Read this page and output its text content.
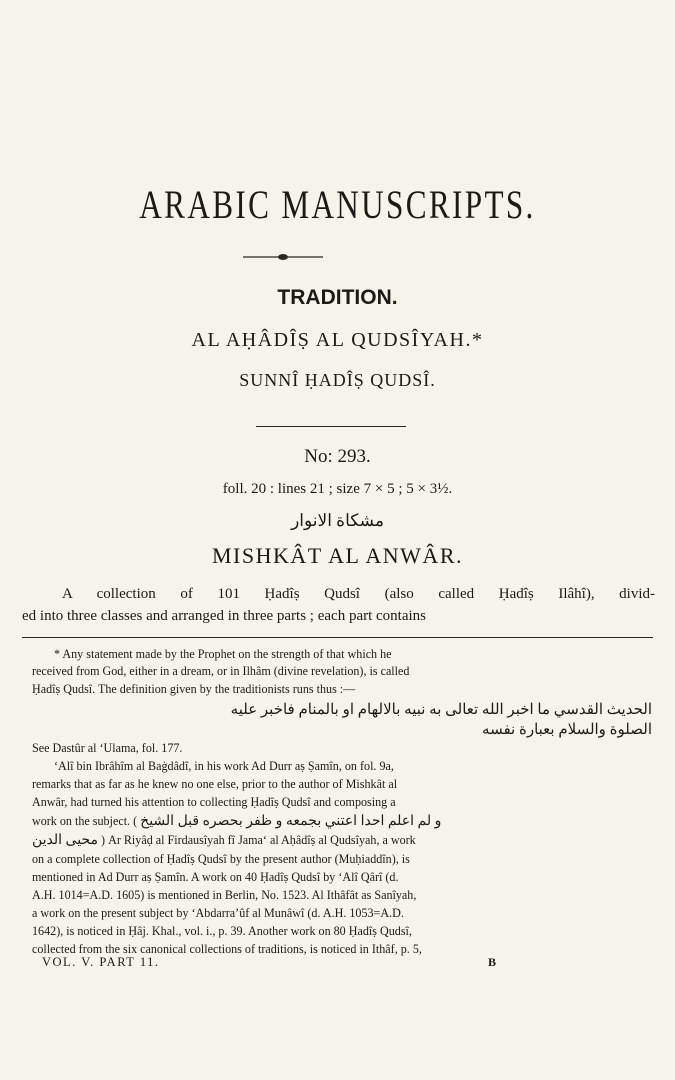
ARABIC MANUSCRIPTS.
TRADITION.
AL AḤÂDÎṢ AL QUDSÎYAH.*
SUNNÎ ḤADÎṢ QUDSÎ.
No: 293.
foll. 20 : lines 21 ; size 7 × 5 ; 5 × 3½.
مشكاة الانوار
MISHKÂT AL ANWÂR.
A collection of 101 Ḥadîṣ Qudsî (also called Ḥadîṣ Ilâhî), divid-
ed into three classes and arranged in three parts ; each part contains
* Any statement made by the Prophet on the strength of that which he
received from God, either in a dream, or in Ilhâm (divine revelation), is called
Ḥadîṣ Qudsî. The definition given by the traditionists runs thus :—
الحديث القدسي ما اخبر الله تعالى به نبيه بالالهام او بالمنام فاخبر عليه
الصلوة والسلام بعبارة نفسه
See Dastûr al ‘Ulama, fol. 177.
‘Alî bin Ibrâhîm al Baġdâdî, in his work Ad Durr aṣ Ṣamîn, on fol. 9a,
remarks that as far as he knew no one else, prior to the author of Mishkât al
Anwâr, had turned his attention to collecting Ḥadîṣ Qudsî and composing a
work on the subject. ( و لم اعلم احدا اعتني بجمعه و ظفر بحصره قبل الشيخ
محيى الدين ) Ar Riyâḍ al Firdausîyah fî Jama‘ al Aḥâdîṣ al Qudsîyah, a work
on a complete collection of Ḥadîṣ Qudsî by the present author (Muḥiaddîn), is
mentioned in Ad Durr aṣ Ṣamîn. A work on 40 Ḥadîṣ Qudsî by ‘Alî Qârî (d.
A.H. 1014=A.D. 1605) is mentioned in Berlin, No. 1523. Al Ithâfât as Sanîyah,
a work on the present subject by ‘Abdarra’ûf al Munâwî (d. A.H. 1053=A.D.
1642), is noticed in Ḥâj. Khal., vol. i., p. 39. Another work on 80 Ḥadîṣ Qudsî,
collected from the six canonical collections of traditions, is noticed in Ithâf, p. 5,
VOL. V. PART 11.	B
